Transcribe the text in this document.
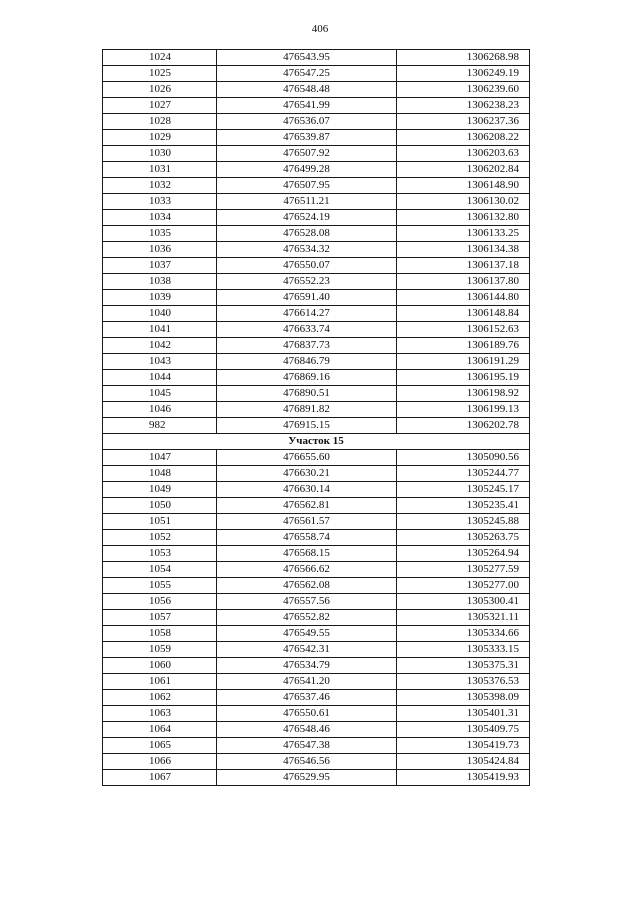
406
1024	476543.95	1306268.98
1025	476547.25	1306249.19
1026	476548.48	1306239.60
1027	476541.99	1306238.23
1028	476536.07	1306237.36
1029	476539.87	1306208.22
1030	476507.92	1306203.63
1031	476499.28	1306202.84
1032	476507.95	1306148.90
1033	476511.21	1306130.02
1034	476524.19	1306132.80
1035	476528.08	1306133.25
1036	476534.32	1306134.38
1037	476550.07	1306137.18
1038	476552.23	1306137.80
1039	476591.40	1306144.80
1040	476614.27	1306148.84
1041	476633.74	1306152.63
1042	476837.73	1306189.76
1043	476846.79	1306191.29
1044	476869.16	1306195.19
1045	476890.51	1306198.92
1046	476891.82	1306199.13
982	476915.15	1306202.78
Участок 15		
1047	476655.60	1305090.56
1048	476630.21	1305244.77
1049	476630.14	1305245.17
1050	476562.81	1305235.41
1051	476561.57	1305245.88
1052	476558.74	1305263.75
1053	476568.15	1305264.94
1054	476566.62	1305277.59
1055	476562.08	1305277.00
1056	476557.56	1305300.41
1057	476552.82	1305321.11
1058	476549.55	1305334.66
1059	476542.31	1305333.15
1060	476534.79	1305375.31
1061	476541.20	1305376.53
1062	476537.46	1305398.09
1063	476550.61	1305401.31
1064	476548.46	1305409.75
1065	476547.38	1305419.73
1066	476546.56	1305424.84
1067	476529.95	1305419.93
